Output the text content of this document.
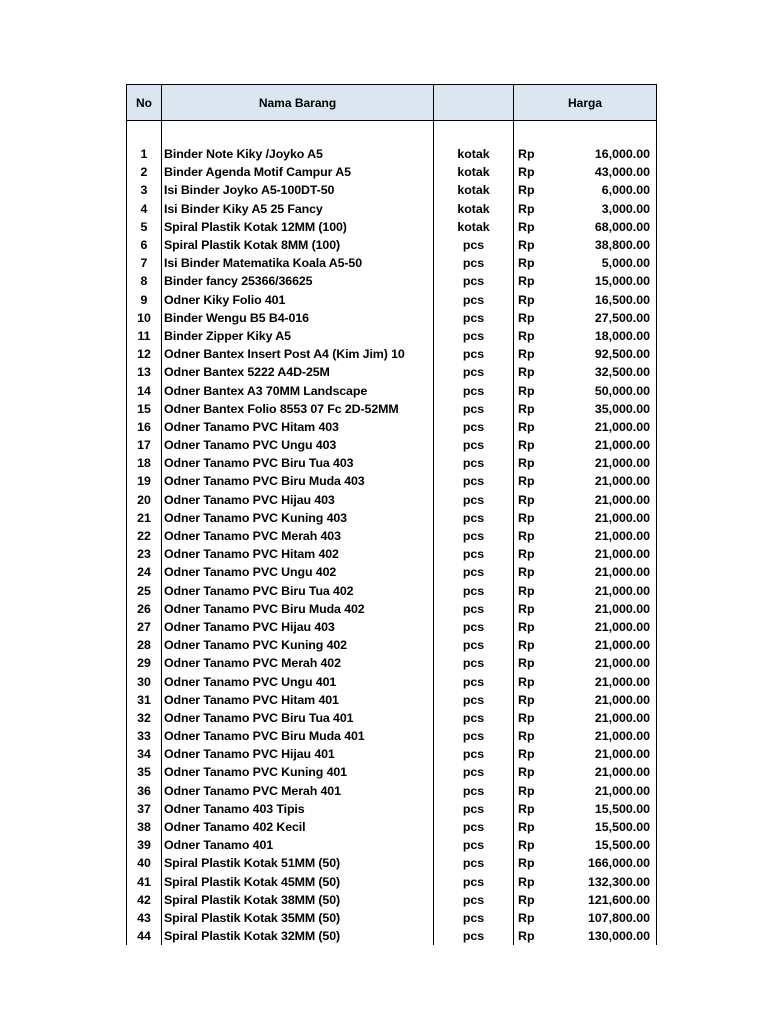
No	Nama Barang		Harga	

1	Binder Note Kiky /Joyko A5	kotak	Rp	16,000.00
2	Binder Agenda Motif Campur A5	kotak	Rp	43,000.00
3	Isi Binder Joyko A5-100DT-50	kotak	Rp	6,000.00
4	Isi Binder Kiky A5 25 Fancy	kotak	Rp	3,000.00
5	Spiral Plastik Kotak 12MM (100)	kotak	Rp	68,000.00
6	Spiral Plastik Kotak 8MM (100)	pcs	Rp	38,800.00
7	Isi Binder Matematika Koala A5-50	pcs	Rp	5,000.00
8	Binder fancy 25366/36625	pcs	Rp	15,000.00
9	Odner Kiky Folio 401	pcs	Rp	16,500.00
10	Binder Wengu B5 B4-016	pcs	Rp	27,500.00
11	Binder Zipper Kiky A5	pcs	Rp	18,000.00
12	Odner Bantex Insert Post A4 (Kim Jim) 10	pcs	Rp	92,500.00
13	Odner Bantex 5222 A4D-25M	pcs	Rp	32,500.00
14	Odner Bantex A3 70MM Landscape	pcs	Rp	50,000.00
15	Odner Bantex Folio 8553 07 Fc 2D-52MM	pcs	Rp	35,000.00
16	Odner Tanamo PVC Hitam 403	pcs	Rp	21,000.00
17	Odner Tanamo PVC Ungu 403	pcs	Rp	21,000.00
18	Odner Tanamo PVC Biru Tua 403	pcs	Rp	21,000.00
19	Odner Tanamo PVC Biru Muda 403	pcs	Rp	21,000.00
20	Odner Tanamo PVC Hijau 403	pcs	Rp	21,000.00
21	Odner Tanamo PVC Kuning 403	pcs	Rp	21,000.00
22	Odner Tanamo PVC Merah 403	pcs	Rp	21,000.00
23	Odner Tanamo PVC Hitam 402	pcs	Rp	21,000.00
24	Odner Tanamo PVC Ungu 402	pcs	Rp	21,000.00
25	Odner Tanamo PVC Biru Tua 402	pcs	Rp	21,000.00
26	Odner Tanamo PVC Biru Muda 402	pcs	Rp	21,000.00
27	Odner Tanamo PVC Hijau 403	pcs	Rp	21,000.00
28	Odner Tanamo PVC Kuning 402	pcs	Rp	21,000.00
29	Odner Tanamo PVC Merah 402	pcs	Rp	21,000.00
30	Odner Tanamo PVC Ungu 401	pcs	Rp	21,000.00
31	Odner Tanamo PVC Hitam 401	pcs	Rp	21,000.00
32	Odner Tanamo PVC Biru Tua 401	pcs	Rp	21,000.00
33	Odner Tanamo PVC Biru Muda 401	pcs	Rp	21,000.00
34	Odner Tanamo PVC Hijau 401	pcs	Rp	21,000.00
35	Odner Tanamo PVC Kuning 401	pcs	Rp	21,000.00
36	Odner Tanamo PVC Merah 401	pcs	Rp	21,000.00
37	Odner Tanamo 403 Tipis	pcs	Rp	15,500.00
38	Odner Tanamo 402 Kecil	pcs	Rp	15,500.00
39	Odner Tanamo 401	pcs	Rp	15,500.00
40	Spiral Plastik Kotak 51MM (50)	pcs	Rp	166,000.00
41	Spiral Plastik Kotak 45MM (50)	pcs	Rp	132,300.00
42	Spiral Plastik Kotak 38MM (50)	pcs	Rp	121,600.00
43	Spiral Plastik Kotak 35MM (50)	pcs	Rp	107,800.00
44	Spiral Plastik Kotak 32MM (50)	pcs	Rp	130,000.00
